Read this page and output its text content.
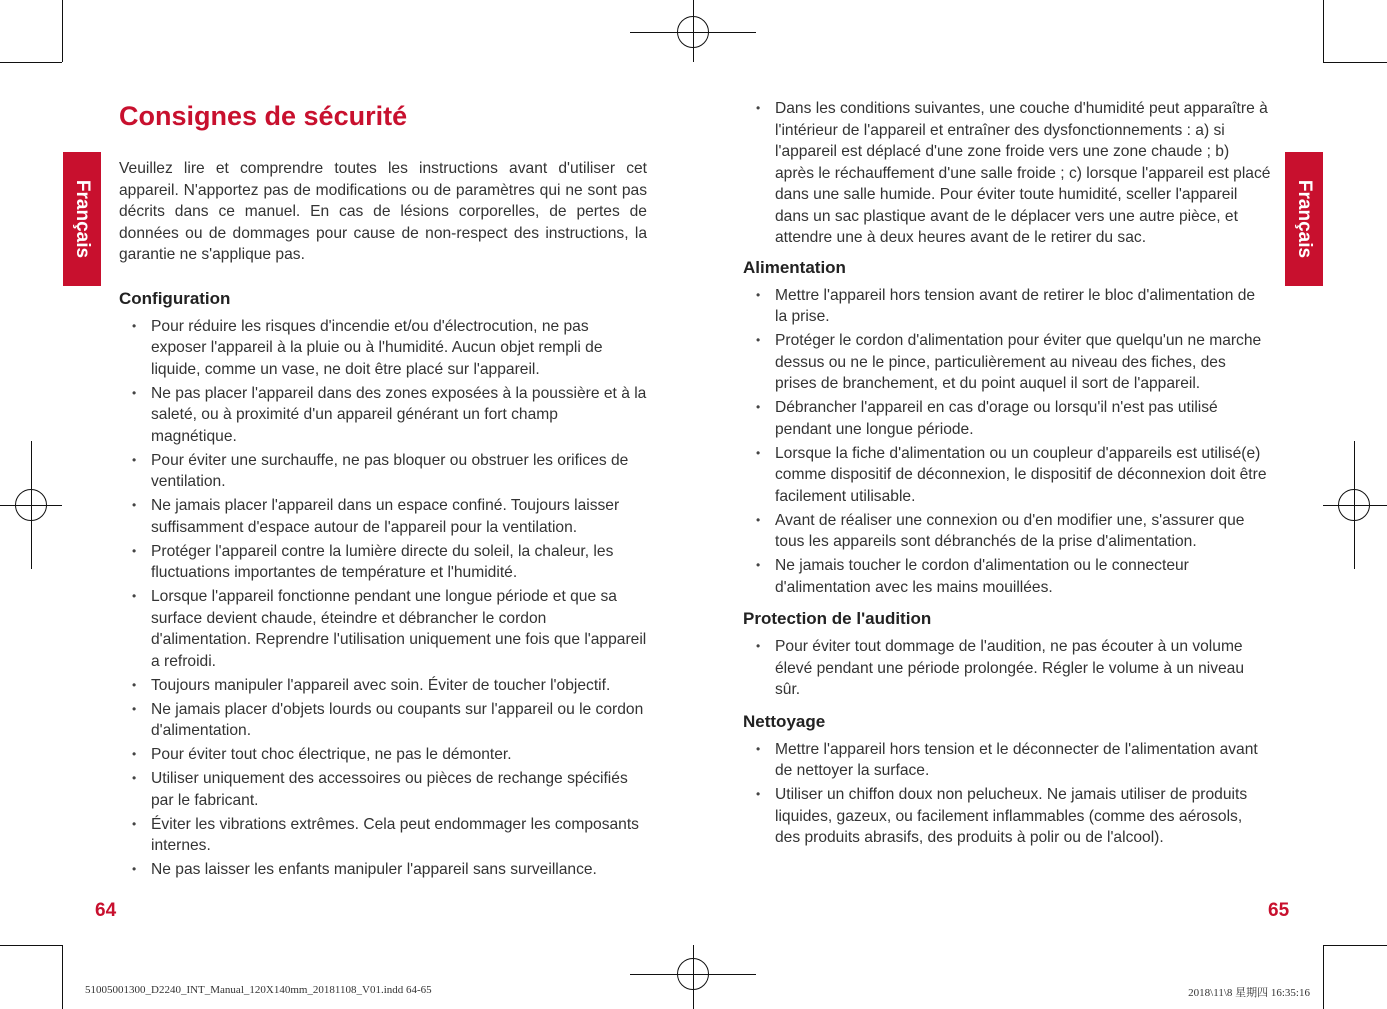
Français	Français
Consignes de sécurité

Veuillez lire et comprendre toutes les instructions avant d'utiliser cet appareil. N'apportez pas de modifications ou de paramètres qui ne sont pas décrits dans ce manuel. En cas de lésions corporelles, de pertes de données ou de dommages pour cause de non-respect des instructions, la garantie ne s'applique pas.

Configuration
• Pour réduire les risques d'incendie et/ou d'électrocution, ne pas exposer l'appareil à la pluie ou à l'humidité. Aucun objet rempli de liquide, comme un vase, ne doit être placé sur l'appareil.
• Ne pas placer l'appareil dans des zones exposées à la poussière et à la saleté, ou à proximité d'un appareil générant un fort champ magnétique.
• Pour éviter une surchauffe, ne pas bloquer ou obstruer les orifices de ventilation.
• Ne jamais placer l'appareil dans un espace confiné. Toujours laisser suffisamment d'espace autour de l'appareil pour la ventilation.
• Protéger l'appareil contre la lumière directe du soleil, la chaleur, les fluctuations importantes de température et l'humidité.
• Lorsque l'appareil fonctionne pendant une longue période et que sa surface devient chaude, éteindre et débrancher le cordon d'alimentation. Reprendre l'utilisation uniquement une fois que l'appareil a refroidi.
• Toujours manipuler l'appareil avec soin. Éviter de toucher l'objectif.
• Ne jamais placer d'objets lourds ou coupants sur l'appareil ou le cordon d'alimentation.
• Pour éviter tout choc électrique, ne pas le démonter.
• Utiliser uniquement des accessoires ou pièces de rechange spécifiés par le fabricant.
• Éviter les vibrations extrêmes. Cela peut endommager les composants internes.
• Ne pas laisser les enfants manipuler l'appareil sans surveillance.
• Dans les conditions suivantes, une couche d'humidité peut apparaître à l'intérieur de l'appareil et entraîner des dysfonctionnements : a) si l'appareil est déplacé d'une zone froide vers une zone chaude ; b) après le réchauffement d'une salle froide ; c) lorsque l'appareil est placé dans une salle humide. Pour éviter toute humidité, sceller l'appareil dans un sac plastique avant de le déplacer vers une autre pièce, et attendre une à deux heures avant de le retirer du sac.
Alimentation
• Mettre l'appareil hors tension avant de retirer le bloc d'alimentation de la prise.
• Protéger le cordon d'alimentation pour éviter que quelqu'un ne marche dessus ou ne le pince, particulièrement au niveau des fiches, des prises de branchement, et du point auquel il sort de l'appareil.
• Débrancher l'appareil en cas d'orage ou lorsqu'il n'est pas utilisé pendant une longue période.
• Lorsque la fiche d'alimentation ou un coupleur d'appareils est utilisé(e) comme dispositif de déconnexion, le dispositif de déconnexion doit être facilement utilisable.
• Avant de réaliser une connexion ou d'en modifier une, s'assurer que tous les appareils sont débranchés de la prise d'alimentation.
• Ne jamais toucher le cordon d'alimentation ou le connecteur d'alimentation avec les mains mouillées.
Protection de l'audition
• Pour éviter tout dommage de l'audition, ne pas écouter à un volume élevé pendant une période prolongée. Régler le volume à un niveau sûr.
Nettoyage
• Mettre l'appareil hors tension et le déconnecter de l'alimentation avant de nettoyer la surface.
• Utiliser un chiffon doux non pelucheux. Ne jamais utiliser de produits liquides, gazeux, ou facilement inflammables (comme des aérosols, des produits abrasifs, des produits à polir ou de l'alcool).
64	65
51005001300_D2240_INT_Manual_120X140mm_20181108_V01.indd 64-65	2018\11\8 星期四 16:35:16
